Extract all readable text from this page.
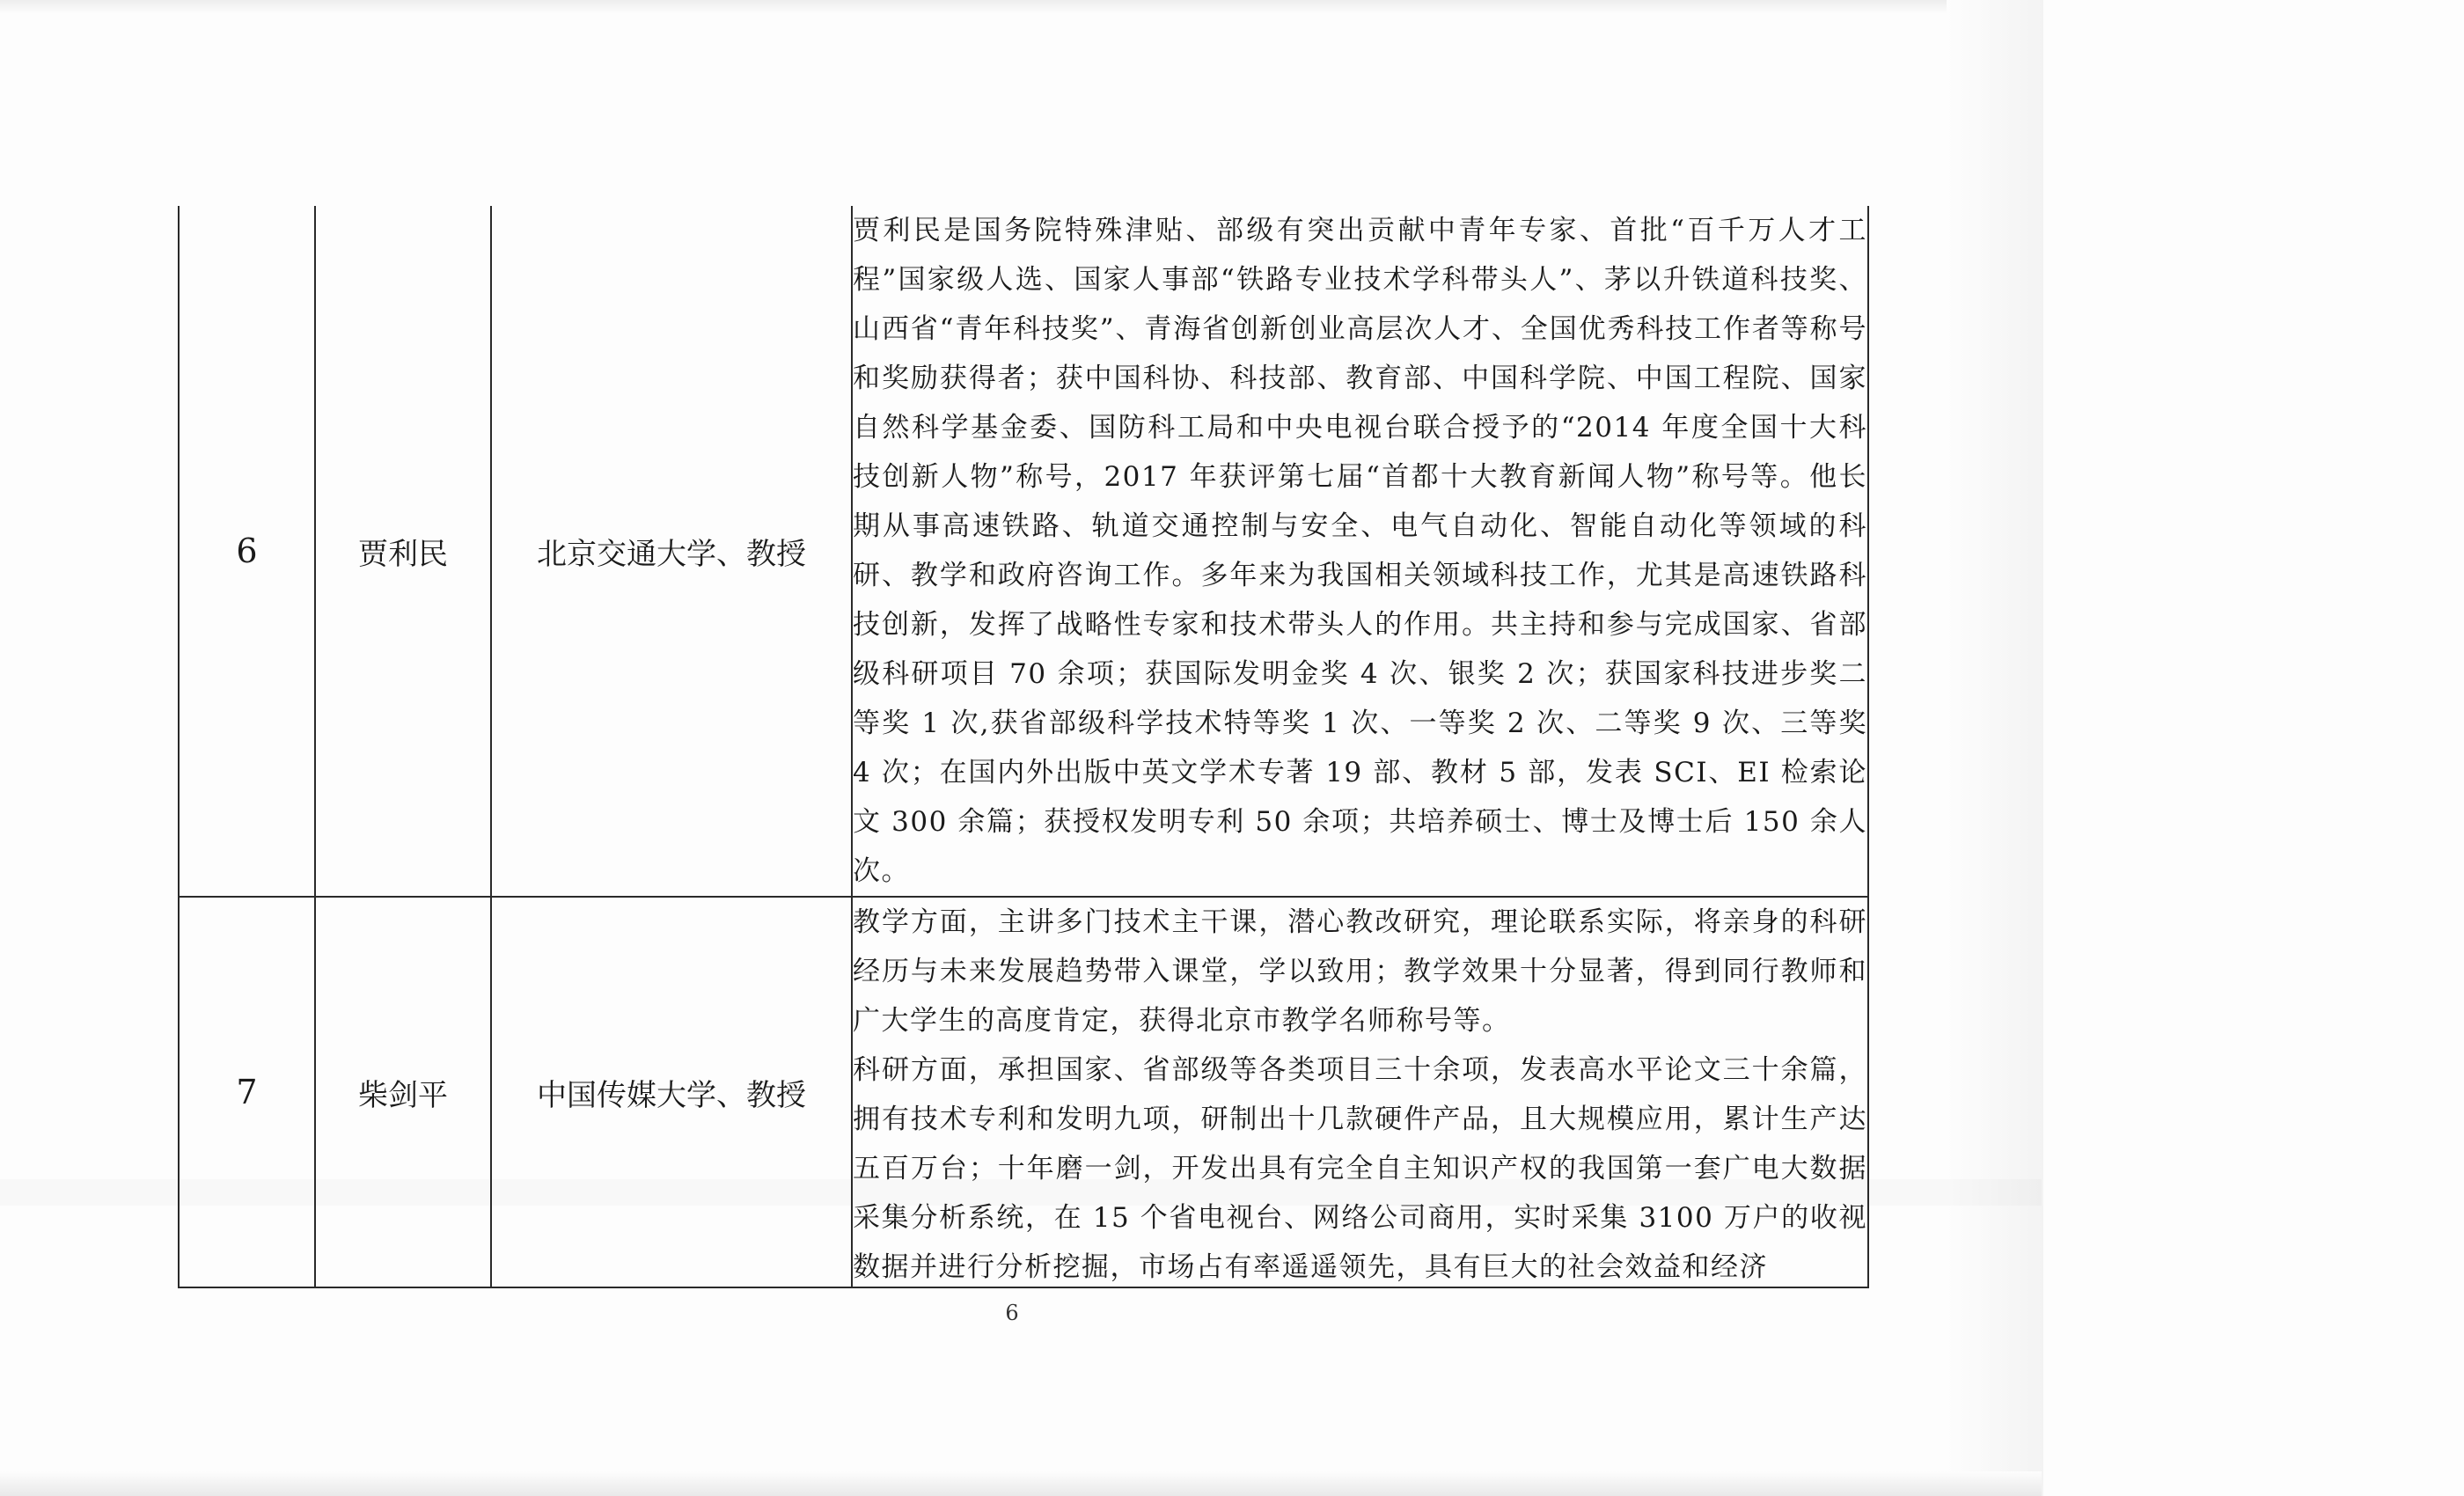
6	贾利民	北京交通大学、教授	贾利民是国务院特殊津贴、部级有突出贡献中青年专家、首批“百千万人才工程”国家级人选、国家人事部“铁路专业技术学科带头人”、茅以升铁道科技奖、山西省“青年科技奖”、青海省创新创业高层次人才、全国优秀科技工作者等称号和奖励获得者；获中国科协、科技部、教育部、中国科学院、中国工程院、国家自然科学基金委、国防科工局和中央电视台联合授予的“2014 年度全国十大科技创新人物”称号，2017 年获评第七届“首都十大教育新闻人物”称号等。他长期从事高速铁路、轨道交通控制与安全、电气自动化、智能自动化等领域的科研、教学和政府咨询工作。多年来为我国相关领域科技工作，尤其是高速铁路科技创新，发挥了战略性专家和技术带头人的作用。共主持和参与完成国家、省部级科研项目 70 余项；获国际发明金奖 4 次、银奖 2 次；获国家科技进步奖二等奖 1 次,获省部级科学技术特等奖 1 次、一等奖 2 次、二等奖 9 次、三等奖 4 次；在国内外出版中英文学术专著 19 部、教材 5 部，发表 SCI、EI 检索论文 300 余篇；获授权发明专利 50 余项；共培养硕士、博士及博士后 150 余人次。

7	柴剑平	中国传媒大学、教授	教学方面，主讲多门技术主干课，潜心教改研究，理论联系实际，将亲身的科研经历与未来发展趋势带入课堂，学以致用；教学效果十分显著，得到同行教师和广大学生的高度肯定，获得北京市教学名师称号等。

科研方面，承担国家、省部级等各类项目三十余项，发表高水平论文三十余篇，拥有技术专利和发明九项，研制出十几款硬件产品，且大规模应用，累计生产达五百万台；十年磨一剑，开发出具有完全自主知识产权的我国第一套广电大数据采集分析系统，在 15 个省电视台、网络公司商用，实时采集 3100 万户的收视数据并进行分析挖掘，市场占有率遥遥领先，具有巨大的社会效益和经济

6
